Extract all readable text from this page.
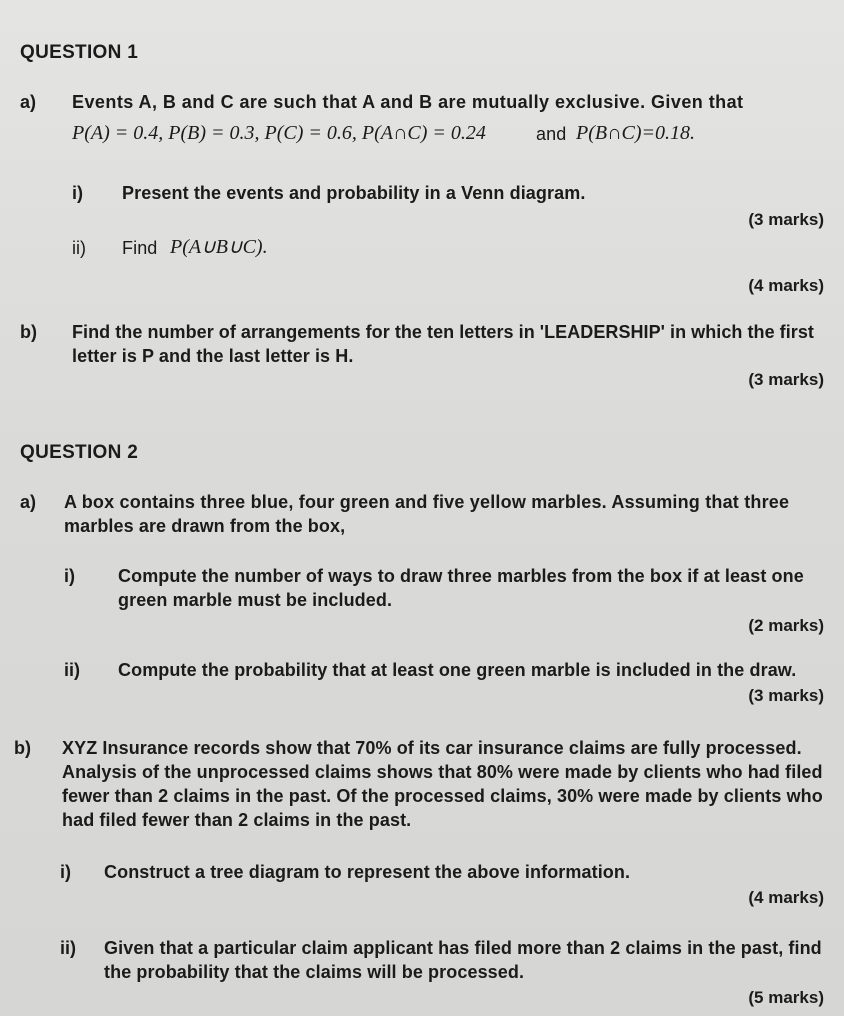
QUESTION 1
a) Events A, B and C are such that A and B are mutually exclusive. Given that
P(A) = 0.4, P(B) = 0.3, P(C) = 0.6, P(A∩C) = 0.24	and P(B∩C)=0.18.
i) Present the events and probability in a Venn diagram.
(3 marks)
ii) Find P(A∪B∪C).
(4 marks)
b) Find the number of arrangements for the ten letters in 'LEADERSHIP' in which the first
letter is P and the last letter is H.
(3 marks)
QUESTION 2
a) A box contains three blue, four green and five yellow marbles. Assuming that three
marbles are drawn from the box,
i) Compute the number of ways to draw three marbles from the box if at least one
green marble must be included.
(2 marks)
ii) Compute the probability that at least one green marble is included in the draw.
(3 marks)
b) XYZ Insurance records show that 70% of its car insurance claims are fully processed.
Analysis of the unprocessed claims shows that 80% were made by clients who had filed
fewer than 2 claims in the past. Of the processed claims, 30% were made by clients who
had filed fewer than 2 claims in the past.
i) Construct a tree diagram to represent the above information.
(4 marks)
ii) Given that a particular claim applicant has filed more than 2 claims in the past, find
the probability that the claims will be processed.
(5 marks)
